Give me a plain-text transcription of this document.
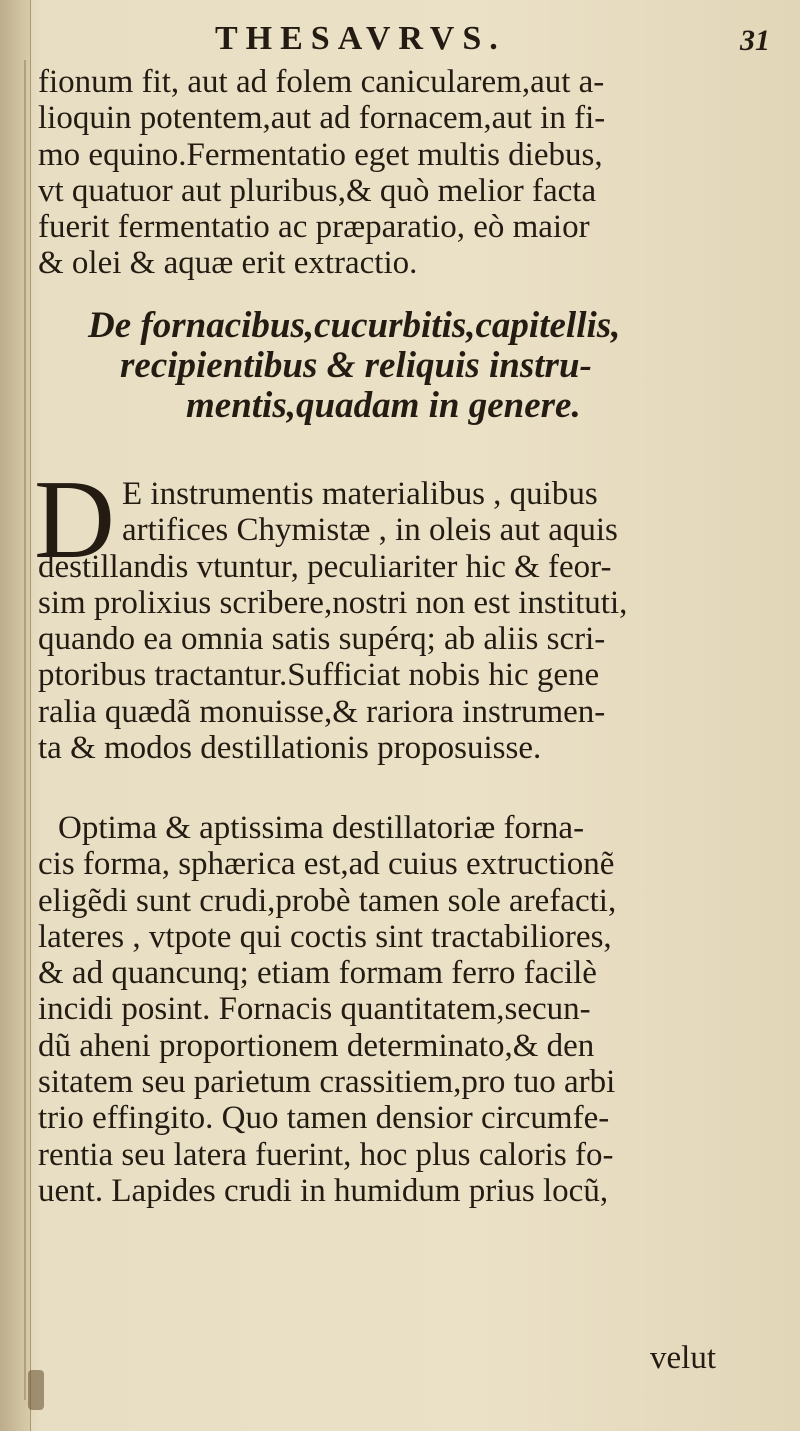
THESAVRVS.	31
fionum fit, aut ad folem canicularem,aut a-
lioquin potentem,aut ad fornacem,aut in fi-
mo equino.Fermentatio eget multis diebus,
vt quatuor aut pluribus,& quò melior facta
fuerit fermentatio ac præparatio, eò maior
& olei & aquæ erit extractio.
De fornacibus,cucurbitis,capitellis,
recipientibus & reliquis instru-
mentis,quadam in genere.
D E instrumentis materialibus , quibus
artifices Chymistæ , in oleis aut aquis
destillandis vtuntur, peculiariter hic & feor-
sim prolixius scribere,nostri non est instituti,
quando ea omnia satis supérq; ab aliis scri-
ptoribus tractantur.Sufficiat nobis hic gene
ralia quædã monuisse,& rariora instrumen-
ta & modos destillationis proposuisse.
Optima & aptissima destillatoriæ forna-
cis forma, sphærica est,ad cuius extructionẽ
eligẽdi sunt crudi,probè tamen sole arefacti,
lateres , vtpote qui coctis sint tractabiliores,
& ad quancunq; etiam formam ferro facilè
incidi posint. Fornacis quantitatem,secun-
dũ aheni proportionem determinato,& den
sitatem seu parietum crassitiem,pro tuo arbi
trio effingito. Quo tamen densior circumfe-
rentia seu latera fuerint, hoc plus caloris fo-
uent. Lapides crudi in humidum prius locũ,
velut
